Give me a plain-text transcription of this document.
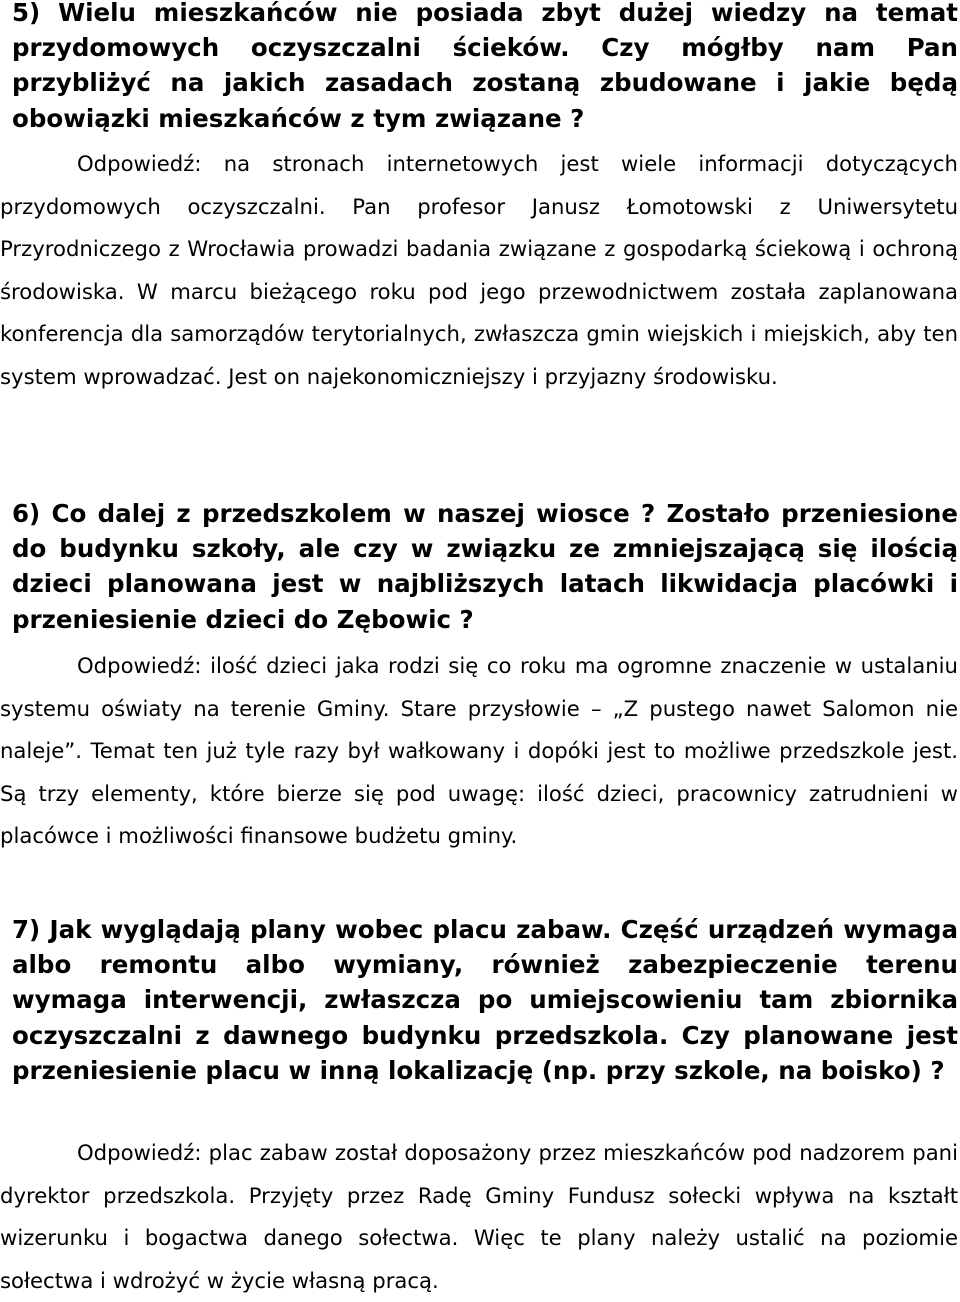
5) Wielu mieszkańców nie posiada zbyt dużej wiedzy na temat przydomowych oczyszczalni ścieków. Czy mógłby nam Pan przybliżyć na jakich zasadach zostaną zbudowane i jakie będą obowiązki mieszkańców z tym związane ?

Odpowiedź: na stronach internetowych jest wiele informacji dotyczących przydomowych oczyszczalni. Pan profesor Janusz Łomotowski z Uniwersytetu Przyrodniczego z Wrocławia prowadzi badania związane z gospodarką ściekową i ochroną środowiska. W marcu bieżącego roku pod jego przewodnictwem została zaplanowana konferencja dla samorządów terytorialnych, zwłaszcza gmin wiejskich i miejskich, aby ten system wprowadzać. Jest on najekonomiczniejszy i przyjazny środowisku.

6) Co dalej z przedszkolem w naszej wiosce ? Zostało przeniesione do budynku szkoły, ale czy w związku ze zmniejszającą się ilością dzieci planowana jest w najbliższych latach likwidacja placówki i przeniesienie dzieci do Zębowic ?

Odpowiedź: ilość dzieci jaka rodzi się co roku ma ogromne znaczenie w ustalaniu systemu oświaty na terenie Gminy. Stare przysłowie – „Z pustego nawet Salomon nie naleje”. Temat ten już tyle razy był wałkowany i dopóki jest to możliwe przedszkole jest. Są trzy elementy, które bierze się pod uwagę: ilość dzieci, pracownicy zatrudnieni w placówce i możliwości finansowe budżetu gminy.

7) Jak wyglądają plany wobec placu zabaw. Część urządzeń wymaga albo remontu albo wymiany, również zabezpieczenie terenu wymaga interwencji, zwłaszcza po umiejscowieniu tam zbiornika oczyszczalni z dawnego budynku przedszkola. Czy planowane jest przeniesienie placu w inną lokalizację (np. przy szkole, na boisko) ?

Odpowiedź: plac zabaw został doposażony przez mieszkańców pod nadzorem pani dyrektor przedszkola. Przyjęty przez Radę Gminy Fundusz sołecki wpływa na kształt wizerunku i bogactwa danego sołectwa. Więc te plany należy ustalić na poziomie sołectwa i wdrożyć w życie własną pracą.
